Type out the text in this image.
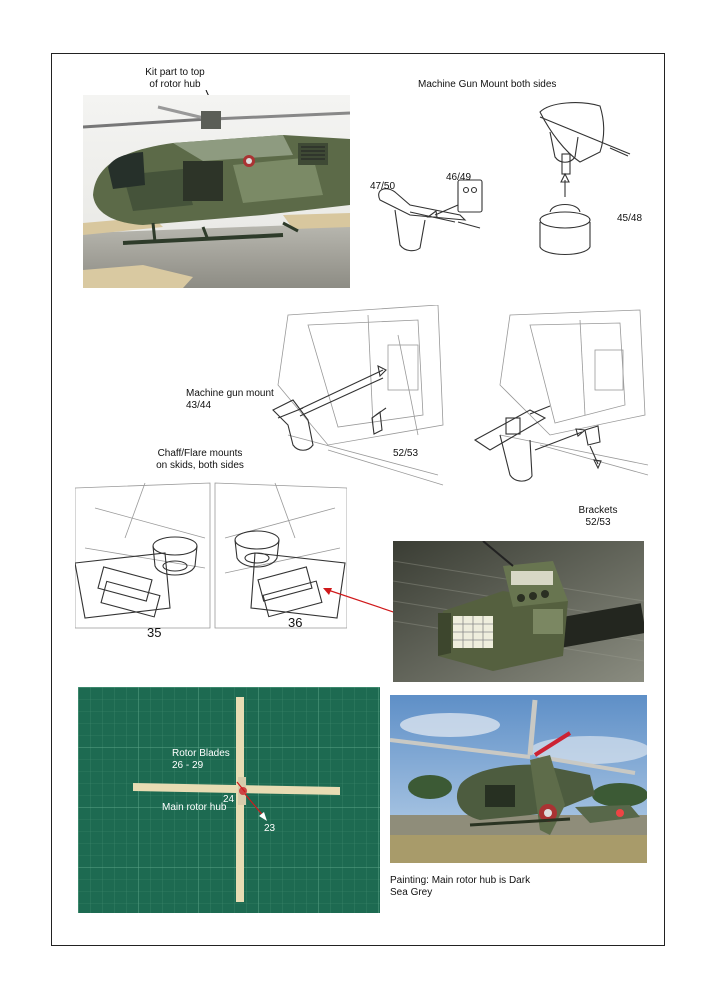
Kit part to top
of rotor hub	Machine Gun Mount both sides
47/50
46/49
45/48
Machine gun mount
43/44
52/53
Brackets
52/53
Chaff/Flare mounts
on skids, both sides
35
36
Rotor Blades
26 - 29
24
Main rotor hub
23
Painting: Main rotor hub is Dark
Sea Grey
